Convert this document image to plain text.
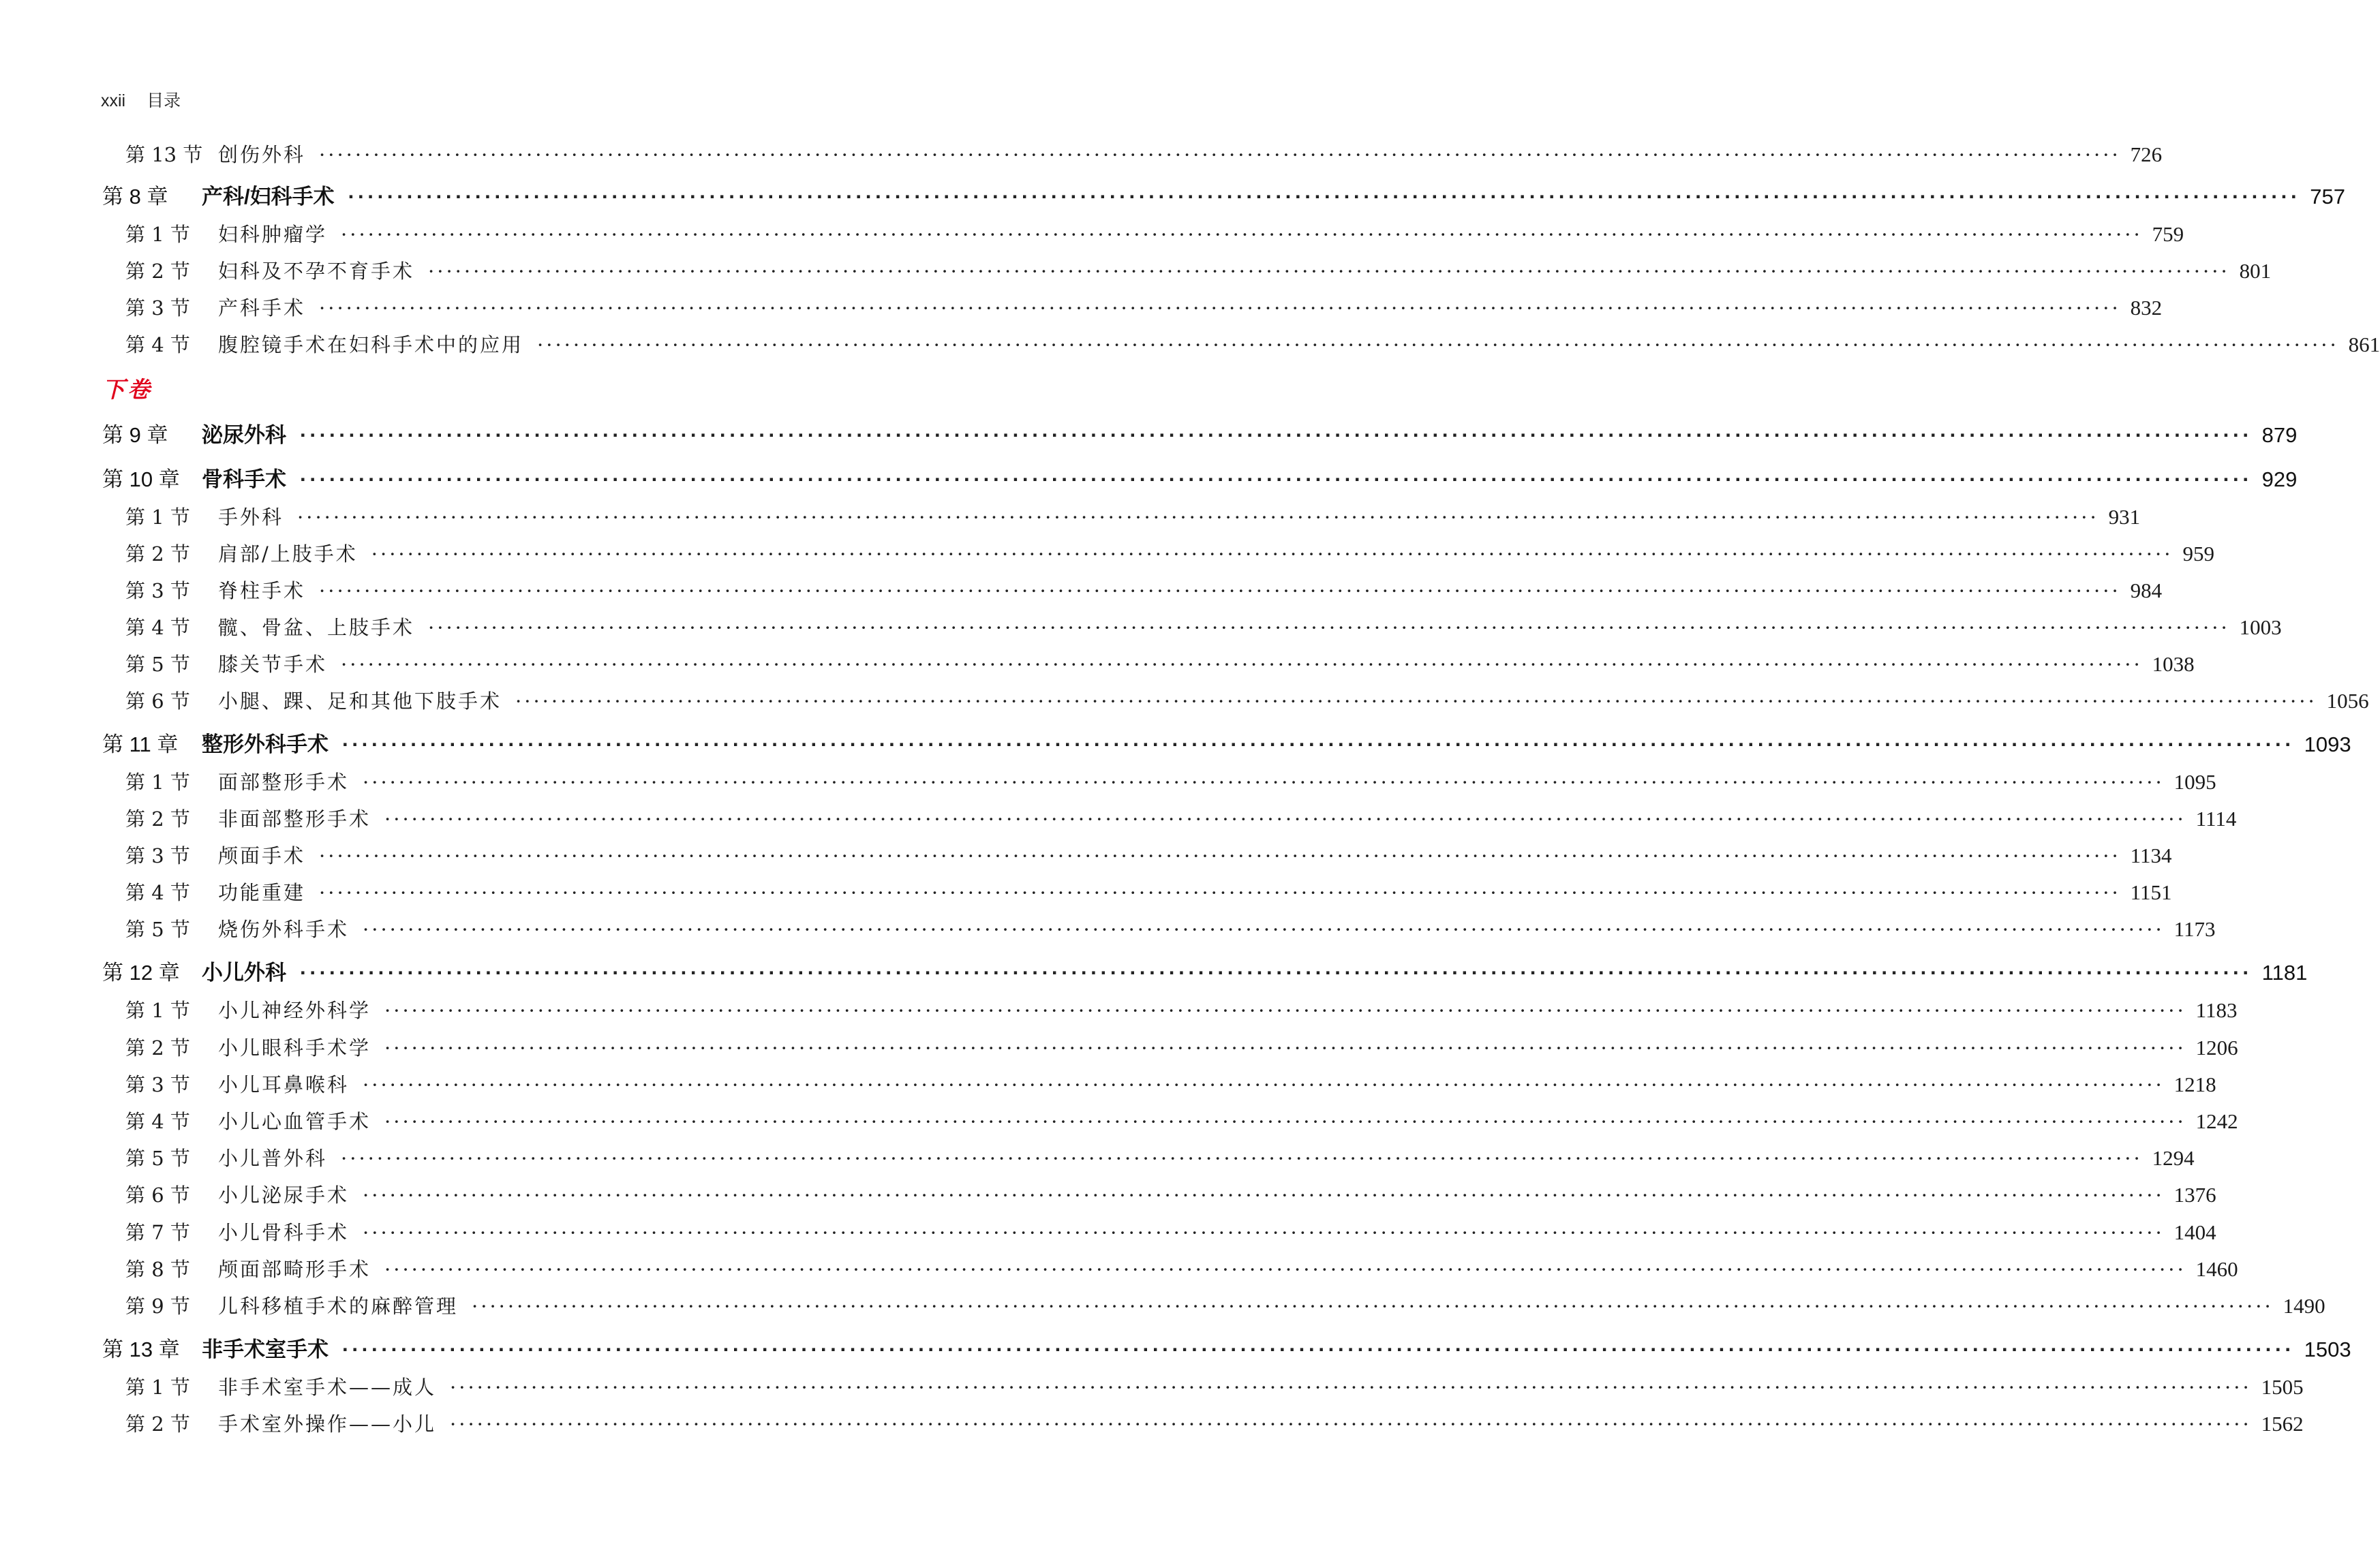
xxii 目录
下卷
第 13 节 创伤外科 ········································································································································································································ 726
第 8 章	产科/妇科手术 ········································································································································································································ 757
第 1 节	妇科肿瘤学 ········································································································································································································ 759
第 2 节	妇科及不孕不育手术 ········································································································································································································ 801
第 3 节	产科手术 ········································································································································································································ 832
第 4 节	腹腔镜手术在妇科手术中的应用 ········································································································································································································ 861
第 9 章	泌尿外科 ········································································································································································································ 879
第 10 章	骨科手术 ········································································································································································································ 929
第 1 节	手外科 ········································································································································································································ 931
第 2 节	肩部/上肢手术 ········································································································································································································ 959
第 3 节	脊柱手术 ········································································································································································································ 984
第 4 节	髋、骨盆、上肢手术 ········································································································································································································ 1003
第 5 节	膝关节手术 ········································································································································································································ 1038
第 6 节	小腿、踝、足和其他下肢手术 ········································································································································································································ 1056
第 11 章	整形外科手术 ········································································································································································································ 1093
第 1 节	面部整形手术 ········································································································································································································ 1095
第 2 节	非面部整形手术 ········································································································································································································ 1114
第 3 节	颅面手术 ········································································································································································································ 1134
第 4 节	功能重建 ········································································································································································································ 1151
第 5 节	烧伤外科手术 ········································································································································································································ 1173
第 12 章	小儿外科 ········································································································································································································ 1181
第 1 节	小儿神经外科学 ········································································································································································································ 1183
第 2 节	小儿眼科手术学 ········································································································································································································ 1206
第 3 节	小儿耳鼻喉科 ········································································································································································································ 1218
第 4 节	小儿心血管手术 ········································································································································································································ 1242
第 5 节	小儿普外科 ········································································································································································································ 1294
第 6 节	小儿泌尿手术 ········································································································································································································ 1376
第 7 节	小儿骨科手术 ········································································································································································································ 1404
第 8 节	颅面部畸形手术 ········································································································································································································ 1460
第 9 节	儿科移植手术的麻醉管理 ········································································································································································································ 1490
第 13 章	非手术室手术 ········································································································································································································ 1503
第 1 节	非手术室手术——成人 ········································································································································································································ 1505
第 2 节	手术室外操作——小儿 ········································································································································································································ 1562
